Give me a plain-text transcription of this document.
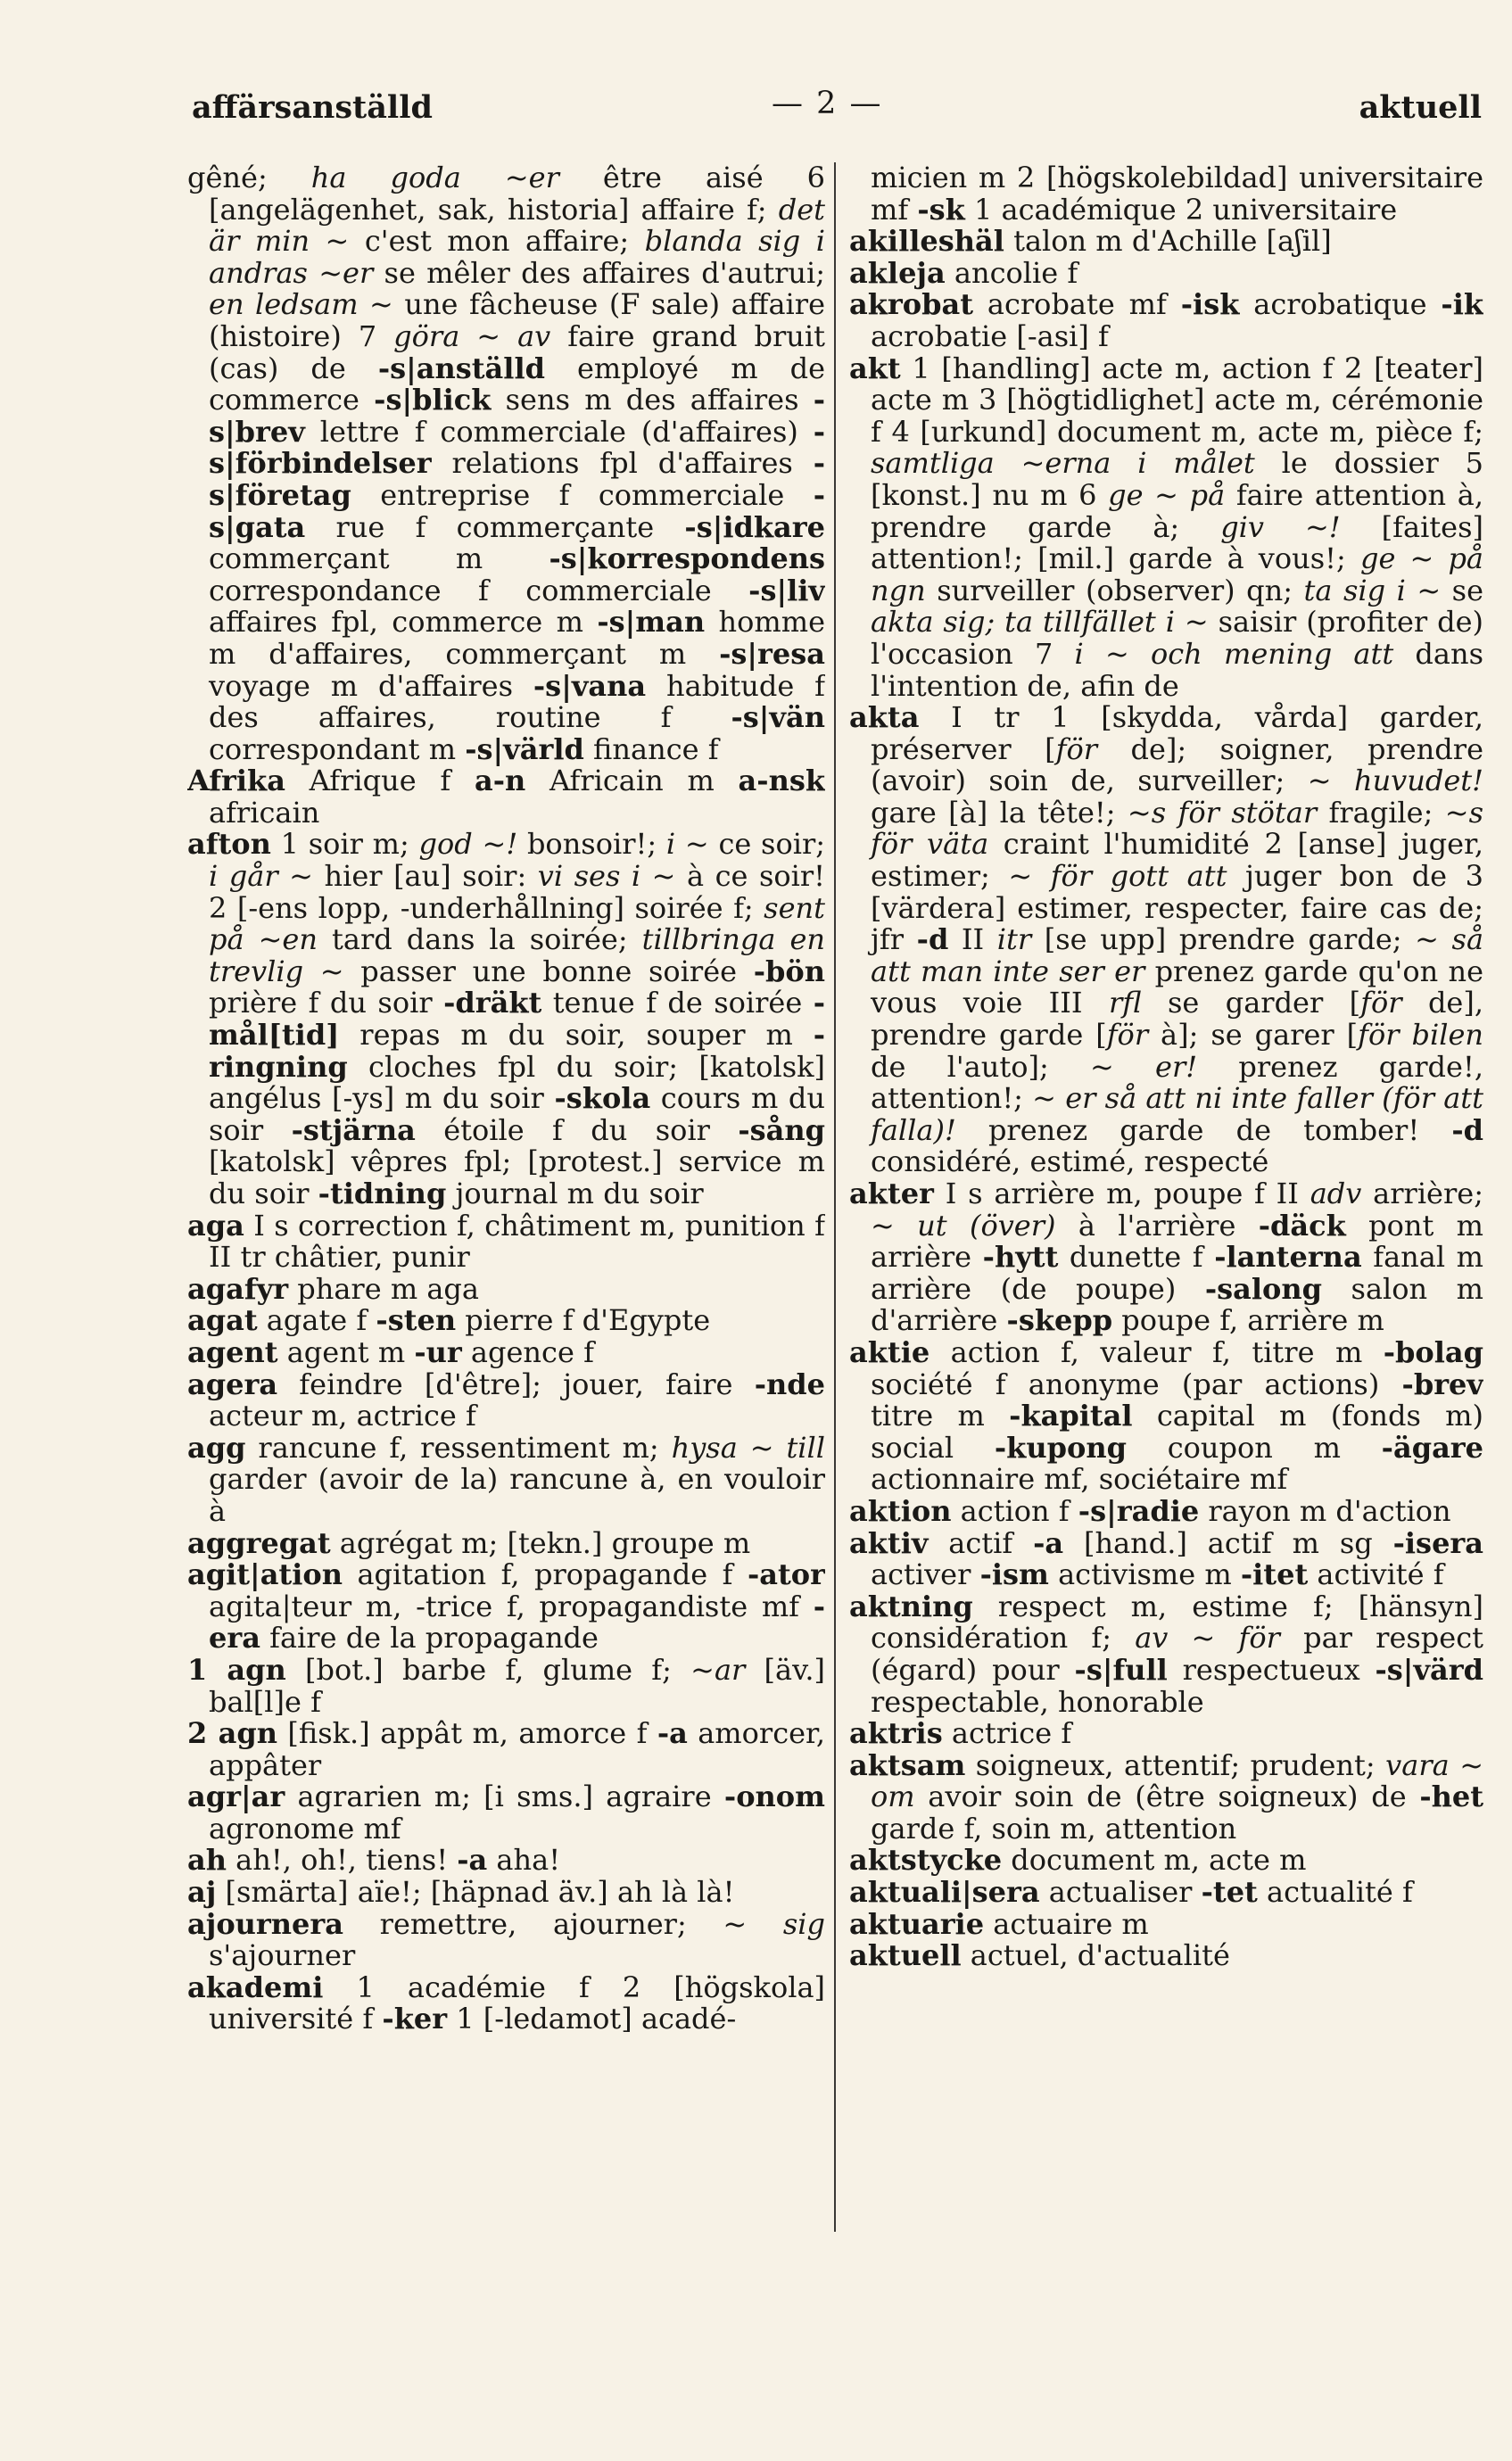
affärsanställd	— 2 —	aktuell
gêné; ha goda ~er être aisé 6 [angelägenhet, sak, historia] affaire f; det är min ~ c'est mon affaire; blanda sig i andras ~er se mêler des affaires d'autrui; en ledsam ~ une fâcheuse (F sale) affaire (histoire) 7 göra ~ av faire grand bruit (cas) de -s|anställd employé m de commerce -s|blick sens m des affaires -s|brev lettre f commerciale (d'affaires) -s|förbindelser relations fpl d'affaires -s|företag entreprise f commerciale -s|gata rue f commerçante -s|idkare commerçant m -s|korrespondens correspondance f commerciale -s|liv affaires fpl, commerce m -s|man homme m d'affaires, commerçant m -s|resa voyage m d'affaires -s|vana habitude f des affaires, routine f -s|vän correspondant m -s|värld finance f
Afrika Afrique f a-n Africain m a-nsk africain
afton 1 soir m; god ~! bonsoir!; i ~ ce soir; i går ~ hier [au] soir: vi ses i ~ à ce soir! 2 [-ens lopp, -underhållning] soirée f; sent på ~en tard dans la soirée; tillbringa en trevlig ~ passer une bonne soirée -bön prière f du soir -dräkt tenue f de soirée -mål[tid] repas m du soir, souper m -ringning cloches fpl du soir; [katolsk] angélus [-ys] m du soir -skola cours m du soir -stjärna étoile f du soir -sång [katolsk] vêpres fpl; [protest.] service m du soir -tidning journal m du soir
aga I s correction f, châtiment m, punition f II tr châtier, punir
agafyr phare m aga
agat agate f -sten pierre f d'Egypte
agent agent m -ur agence f
agera feindre [d'être]; jouer, faire -nde acteur m, actrice f
agg rancune f, ressentiment m; hysa ~ till garder (avoir de la) rancune à, en vouloir à
aggregat agrégat m; [tekn.] groupe m
agit|ation agitation f, propagande f -ator agita|teur m, -trice f, propagandiste mf -era faire de la propagande
1 agn [bot.] barbe f, glume f; ~ar [äv.] bal[l]e f
2 agn [fisk.] appât m, amorce f -a amorcer, appâter
agr|ar agrarien m; [i sms.] agraire -onom agronome mf
ah ah!, oh!, tiens! -a aha!
aj [smärta] aïe!; [häpnad äv.] ah là là!
ajournera remettre, ajourner; ~ sig s'ajourner
akademi 1 académie f 2 [högskola] université f -ker 1 [-ledamot] acadé-
micien m 2 [högskolebildad] universitaire mf -sk 1 académique 2 universitaire
akilleshäl talon m d'Achille [aʃil]
akleja ancolie f
akrobat acrobate mf -isk acrobatique -ik acrobatie [-asi] f
akt 1 [handling] acte m, action f 2 [teater] acte m 3 [högtidlighet] acte m, cérémonie f 4 [urkund] document m, acte m, pièce f; samtliga ~erna i målet le dossier 5 [konst.] nu m 6 ge ~ på faire attention à, prendre garde à; giv ~! [faites] attention!; [mil.] garde à vous!; ge ~ på ngn surveiller (observer) qn; ta sig i ~ se akta sig; ta tillfället i ~ saisir (profiter de) l'occasion 7 i ~ och mening att dans l'intention de, afin de
akta I tr 1 [skydda, vårda] garder, préserver [för de]; soigner, prendre (avoir) soin de, surveiller; ~ huvudet! gare [à] la tête!; ~s för stötar fragile; ~s för väta craint l'humidité 2 [anse] juger, estimer; ~ för gott att juger bon de 3 [värdera] estimer, respecter, faire cas de; jfr -d II itr [se upp] prendre garde; ~ så att man inte ser er prenez garde qu'on ne vous voie III rfl se garder [för de], prendre garde [för à]; se garer [för bilen de l'auto]; ~ er! prenez garde!, attention!; ~ er så att ni inte faller (för att falla)! prenez garde de tomber! -d considéré, estimé, respecté
akter I s arrière m, poupe f II adv arrière; ~ ut (över) à l'arrière -däck pont m arrière -hytt dunette f -lanterna fanal m arrière (de poupe) -salong salon m d'arrière -skepp poupe f, arrière m
aktie action f, valeur f, titre m -bolag société f anonyme (par actions) -brev titre m -kapital capital m (fonds m) social -kupong coupon m -ägare actionnaire mf, sociétaire mf
aktion action f -s|radie rayon m d'action
aktiv actif -a [hand.] actif m sg -isera activer -ism activisme m -itet activité f
aktning respect m, estime f; [hänsyn] considération f; av ~ för par respect (égard) pour -s|full respectueux -s|värd respectable, honorable
aktris actrice f
aktsam soigneux, attentif; prudent; vara ~ om avoir soin de (être soigneux) de -het garde f, soin m, attention
aktstycke document m, acte m
aktuali|sera actualiser -tet actualité f
aktuarie actuaire m
aktuell actuel, d'actualité
